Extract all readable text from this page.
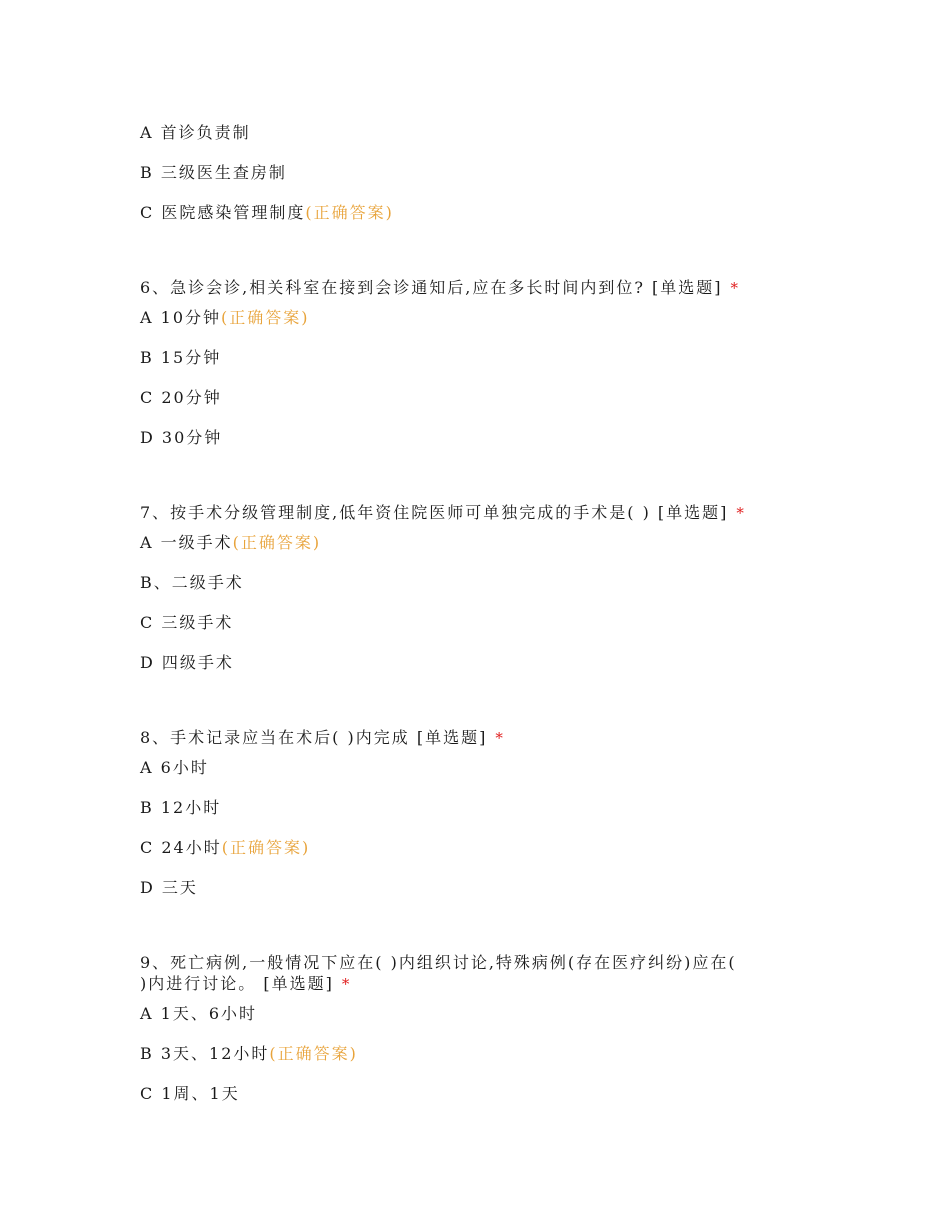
A 首诊负责制
B 三级医生查房制
C 医院感染管理制度(正确答案)
6、急诊会诊,相关科室在接到会诊通知后,应在多长时间内到位? [单选题] *
A 10分钟(正确答案)
B 15分钟
C 20分钟
D 30分钟
7、按手术分级管理制度,低年资住院医师可单独完成的手术是( ) [单选题] *
A 一级手术(正确答案)
B、二级手术
C 三级手术
D 四级手术
8、手术记录应当在术后( )内完成 [单选题] *
A 6小时
B 12小时
C 24小时(正确答案)
D 三天
9、死亡病例,一般情况下应在( )内组织讨论,特殊病例(存在医疗纠纷)应在(
)内进行讨论。 [单选题] *
A 1天、6小时
B 3天、12小时(正确答案)
C 1周、1天
